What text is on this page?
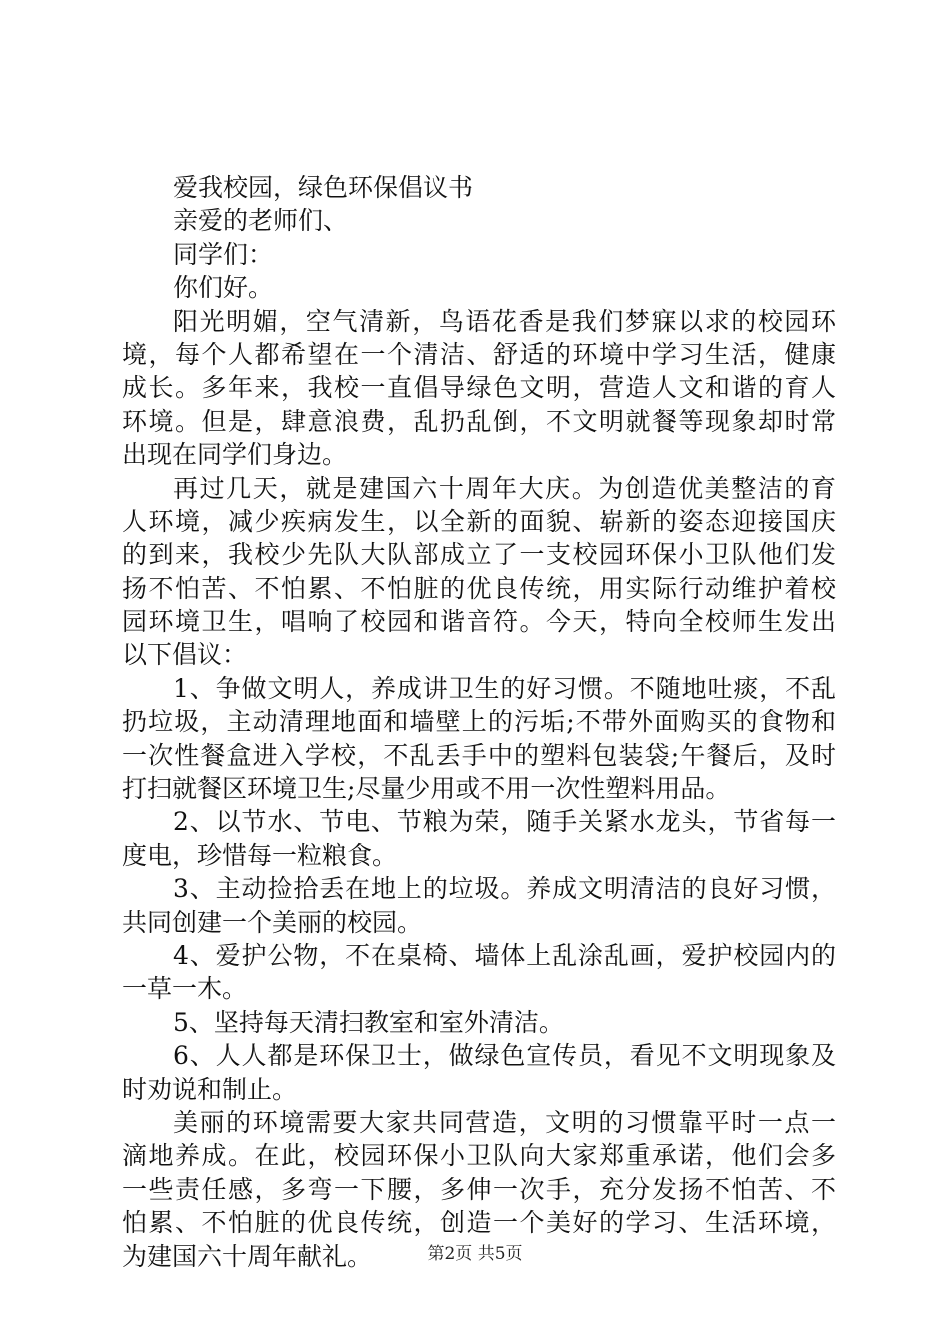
爱我校园，绿色环保倡议书
亲爱的老师们、
同学们：
你们好。
阳光明媚，空气清新，鸟语花香是我们梦寐以求的校园环
境，每个人都希望在一个清洁、舒适的环境中学习生活，健康
成长。多年来，我校一直倡导绿色文明，营造人文和谐的育人
环境。但是，肆意浪费，乱扔乱倒，不文明就餐等现象却时常
出现在同学们身边。
再过几天，就是建国六十周年大庆。为创造优美整洁的育
人环境，减少疾病发生，以全新的面貌、崭新的姿态迎接国庆
的到来，我校少先队大队部成立了一支校园环保小卫队他们发
扬不怕苦、不怕累、不怕脏的优良传统，用实际行动维护着校
园环境卫生，唱响了校园和谐音符。今天，特向全校师生发出
以下倡议：
1、争做文明人，养成讲卫生的好习惯。不随地吐痰，不乱
扔垃圾，主动清理地面和墙壁上的污垢;不带外面购买的食物和
一次性餐盒进入学校，不乱丢手中的塑料包装袋;午餐后，及时
打扫就餐区环境卫生;尽量少用或不用一次性塑料用品。
2、以节水、节电、节粮为荣，随手关紧水龙头，节省每一
度电，珍惜每一粒粮食。
3、主动捡拾丢在地上的垃圾。养成文明清洁的良好习惯，
共同创建一个美丽的校园。
4、爱护公物，不在桌椅、墙体上乱涂乱画，爱护校园内的
一草一木。
5、坚持每天清扫教室和室外清洁。
6、人人都是环保卫士，做绿色宣传员，看见不文明现象及
时劝说和制止。
美丽的环境需要大家共同营造，文明的习惯靠平时一点一
滴地养成。在此，校园环保小卫队向大家郑重承诺，他们会多
一些责任感，多弯一下腰，多伸一次手，充分发扬不怕苦、不
怕累、不怕脏的优良传统，创造一个美好的学习、生活环境，
为建国六十周年献礼。	第2页 共5页
